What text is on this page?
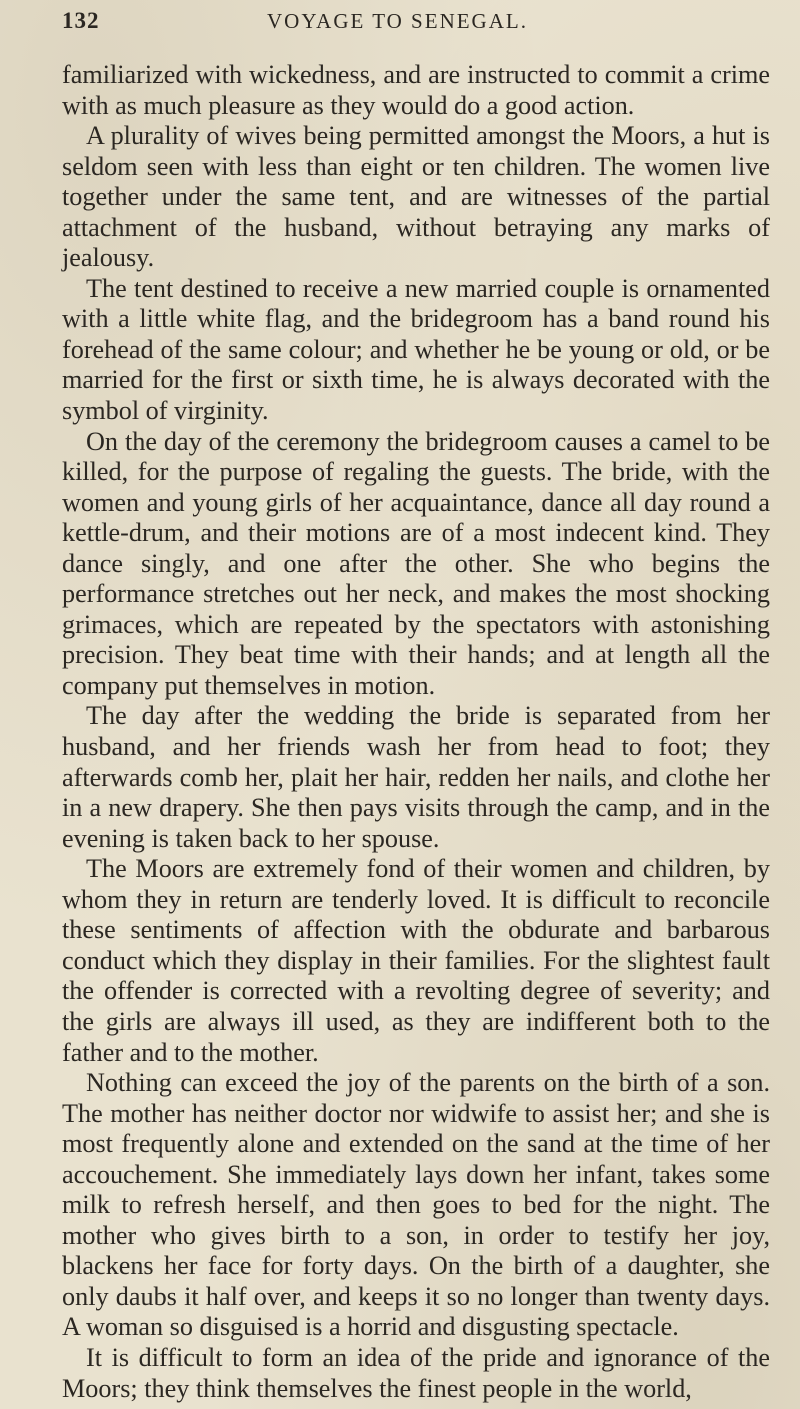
132	VOYAGE TO SENEGAL.

familiarized with wickedness, and are instructed to commit a crime with as much pleasure as they would do a good action.

A plurality of wives being permitted amongst the Moors, a hut is seldom seen with less than eight or ten children. The women live together under the same tent, and are witnesses of the partial attachment of the husband, without betraying any marks of jealousy.

The tent destined to receive a new married couple is ornamented with a little white flag, and the bridegroom has a band round his forehead of the same colour; and whether he be young or old, or be married for the first or sixth time, he is always decorated with the symbol of virginity.

On the day of the ceremony the bridegroom causes a camel to be killed, for the purpose of regaling the guests. The bride, with the women and young girls of her acquaintance, dance all day round a kettle-drum, and their motions are of a most indecent kind. They dance singly, and one after the other. She who begins the performance stretches out her neck, and makes the most shocking grimaces, which are repeated by the spectators with astonishing precision. They beat time with their hands; and at length all the company put themselves in motion.

The day after the wedding the bride is separated from her husband, and her friends wash her from head to foot; they afterwards comb her, plait her hair, redden her nails, and clothe her in a new drapery. She then pays visits through the camp, and in the evening is taken back to her spouse.

The Moors are extremely fond of their women and children, by whom they in return are tenderly loved. It is difficult to reconcile these sentiments of affection with the obdurate and barbarous conduct which they display in their families. For the slightest fault the offender is corrected with a revolting degree of severity; and the girls are always ill used, as they are indifferent both to the father and to the mother.

Nothing can exceed the joy of the parents on the birth of a son. The mother has neither doctor nor widwife to assist her; and she is most frequently alone and extended on the sand at the time of her accouchement. She immediately lays down her infant, takes some milk to refresh herself, and then goes to bed for the night. The mother who gives birth to a son, in order to testify her joy, blackens her face for forty days. On the birth of a daughter, she only daubs it half over, and keeps it so no longer than twenty days. A woman so disguised is a horrid and disgusting spectacle.

It is difficult to form an idea of the pride and ignorance of the Moors; they think themselves the finest people in the world,
